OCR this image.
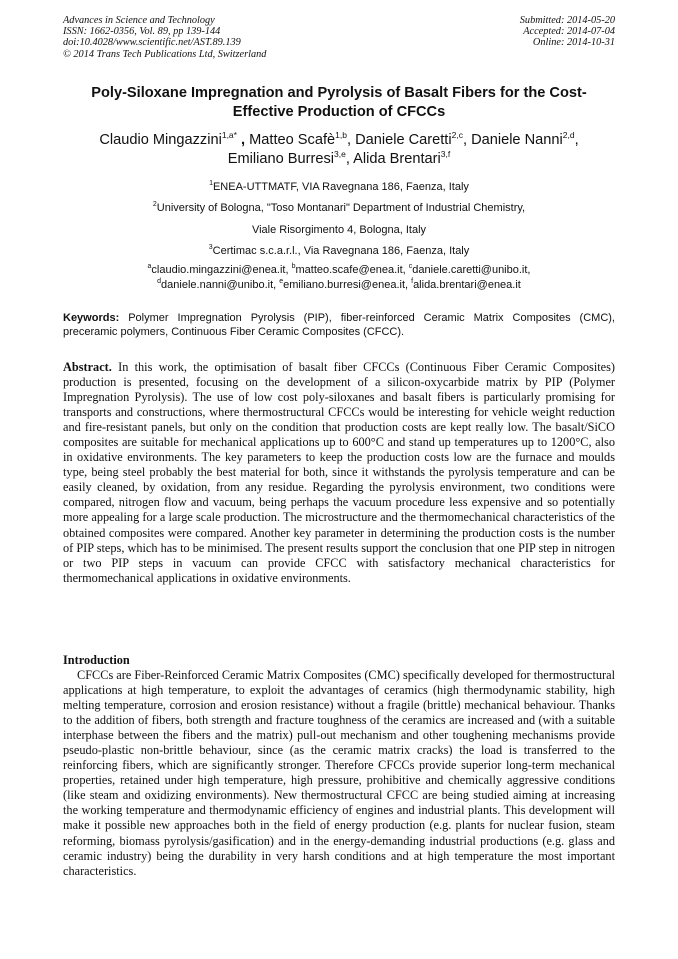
Advances in Science and Technology
ISSN: 1662-0356, Vol. 89, pp 139-144
doi:10.4028/www.scientific.net/AST.89.139
© 2014 Trans Tech Publications Ltd, Switzerland
Submitted: 2014-05-20
Accepted: 2014-07-04
Online: 2014-10-31
Poly-Siloxane Impregnation and Pyrolysis of Basalt Fibers for the Cost-Effective Production of CFCCs
Claudio Mingazzini$^{1,a*}$ , Matteo Scafè$^{1,b}$, Daniele Caretti$^{2,c}$, Daniele Nanni$^{2,d}$,
Emiliano Burresi$^{3,e}$, Alida Brentari$^{3,f}$
$^1$ENEA-UTTMATF, VIA Ravegnana 186, Faenza, Italy
$^2$University of Bologna, "Toso Montanari" Department of Industrial Chemistry,
Viale Risorgimento 4, Bologna, Italy
$^3$Certimac s.c.a.r.l., Via Ravegnana 186, Faenza, Italy
$^a$claudio.mingazzini@enea.it, $^b$matteo.scafe@enea.it, $^c$daniele.caretti@unibo.it,
$^d$daniele.nanni@unibo.it, $^e$emiliano.burresi@enea.it, $^f$alida.brentari@enea.it
Keywords: Polymer Impregnation Pyrolysis (PIP), fiber-reinforced Ceramic Matrix Composites (CMC), preceramic polymers, Continuous Fiber Ceramic Composites (CFCC).
Abstract. In this work, the optimisation of basalt fiber CFCCs (Continuous Fiber Ceramic Composites) production is presented, focusing on the development of a silicon-oxycarbide matrix by PIP (Polymer Impregnation Pyrolysis). The use of low cost poly-siloxanes and basalt fibers is particularly promising for transports and constructions, where thermostructural CFCCs would be interesting for vehicle weight reduction and fire-resistant panels, but only on the condition that production costs are kept really low. The basalt/SiCO composites are suitable for mechanical applications up to 600°C and stand up temperatures up to 1200°C, also in oxidative environments. The key parameters to keep the production costs low are the furnace and moulds type, being steel probably the best material for both, since it withstands the pyrolysis temperature and can be easily cleaned, by oxidation, from any residue. Regarding the pyrolysis environment, two conditions were compared, nitrogen flow and vacuum, being perhaps the vacuum procedure less expensive and so potentially more appealing for a large scale production. The microstructure and the thermomechanical characteristics of the obtained composites were compared. Another key parameter in determining the production costs is the number of PIP steps, which has to be minimised. The present results support the conclusion that one PIP step in nitrogen or two PIP steps in vacuum can provide CFCC with satisfactory mechanical characteristics for thermomechanical applications in oxidative environments.
Introduction
CFCCs are Fiber-Reinforced Ceramic Matrix Composites (CMC) specifically developed for thermostructural applications at high temperature, to exploit the advantages of ceramics (high thermodynamic stability, high melting temperature, corrosion and erosion resistance) without a fragile (brittle) mechanical behaviour. Thanks to the addition of fibers, both strength and fracture toughness of the ceramics are increased and (with a suitable interphase between the fibers and the matrix) pull-out mechanism and other toughening mechanisms provide pseudo-plastic non-brittle behaviour, since (as the ceramic matrix cracks) the load is transferred to the reinforcing fibers, which are significantly stronger. Therefore CFCCs provide superior long-term mechanical properties, retained under high temperature, high pressure, prohibitive and chemically aggressive conditions (like steam and oxidizing environments). New thermostructural CFCC are being studied aiming at increasing the working temperature and thermodynamic efficiency of engines and industrial plants. This development will make it possible new approaches both in the field of energy production (e.g. plants for nuclear fusion, steam reforming, biomass pyrolysis/gasification) and in the energy-demanding industrial productions (e.g. glass and ceramic industry) being the durability in very harsh conditions and at high temperature the most important characteristics.
